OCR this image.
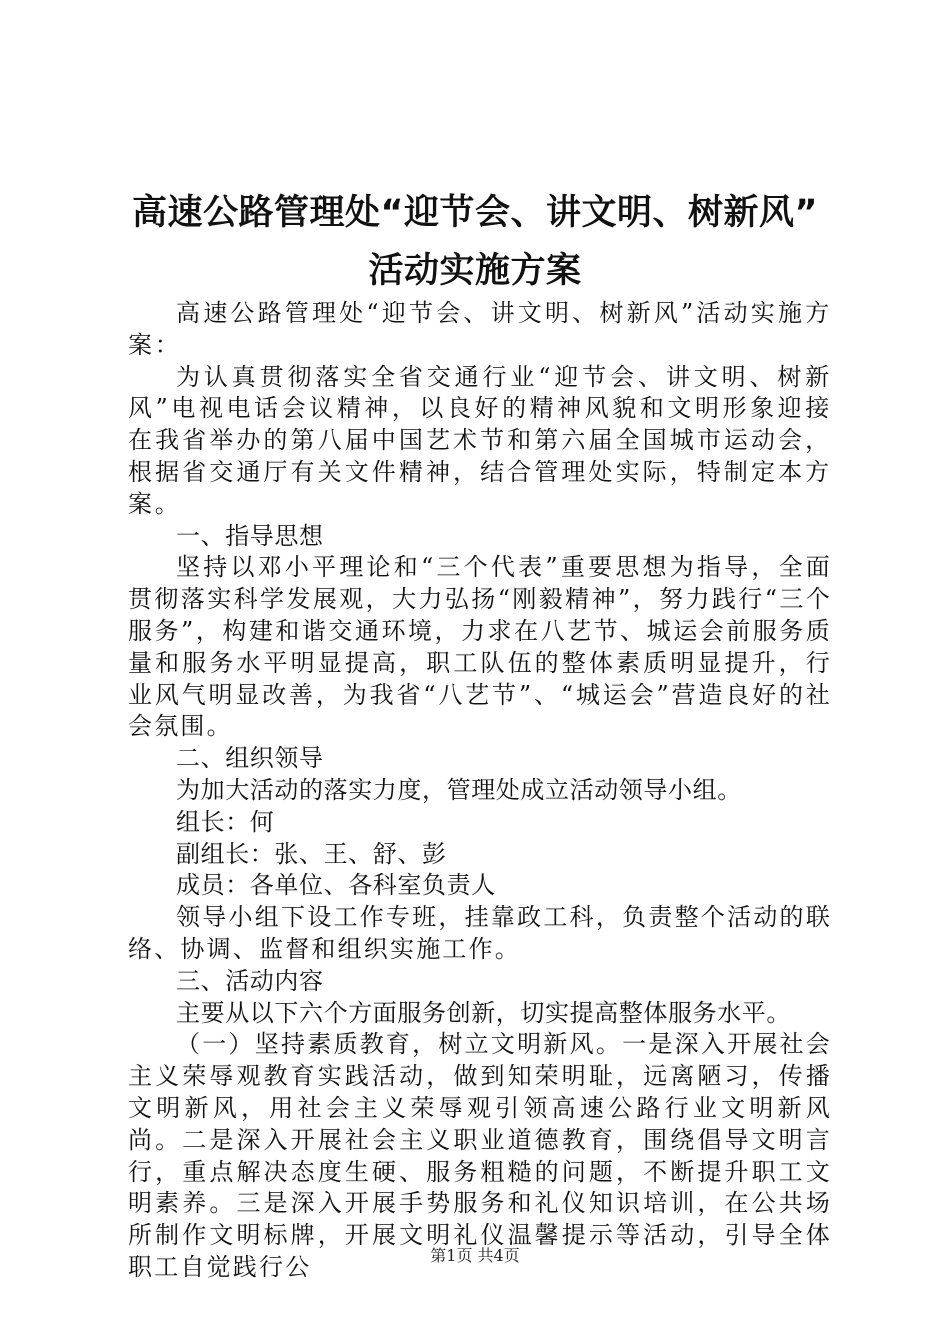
高速公路管理处“迎节会、讲文明、树新风”
活动实施方案

高速公路管理处“迎节会、讲文明、树新风”活动实施方案：

为认真贯彻落实全省交通行业“迎节会、讲文明、树新风”电视电话会议精神，以良好的精神风貌和文明形象迎接在我省举办的第八届中国艺术节和第六届全国城市运动会，根据省交通厅有关文件精神，结合管理处实际，特制定本方案。

一、指导思想

坚持以邓小平理论和“三个代表”重要思想为指导，全面贯彻落实科学发展观，大力弘扬“刚毅精神”，努力践行“三个服务”，构建和谐交通环境，力求在八艺节、城运会前服务质量和服务水平明显提高，职工队伍的整体素质明显提升，行业风气明显改善，为我省“八艺节”、“城运会”营造良好的社会氛围。

二、组织领导

为加大活动的落实力度，管理处成立活动领导小组。

组长：何

副组长：张、王、舒、彭

成员：各单位、各科室负责人

领导小组下设工作专班，挂靠政工科，负责整个活动的联络、协调、监督和组织实施工作。

三、活动内容

主要从以下六个方面服务创新，切实提高整体服务水平。

（一）坚持素质教育，树立文明新风。一是深入开展社会主义荣辱观教育实践活动，做到知荣明耻，远离陋习，传播文明新风，用社会主义荣辱观引领高速公路行业文明新风尚。二是深入开展社会主义职业道德教育，围绕倡导文明言行，重点解决态度生硬、服务粗糙的问题，不断提升职工文明素养。三是深入开展手势服务和礼仪知识培训，在公共场所制作文明标牌，开展文明礼仪温馨提示等活动，引导全体职工自觉践行公	第1页 共4页
